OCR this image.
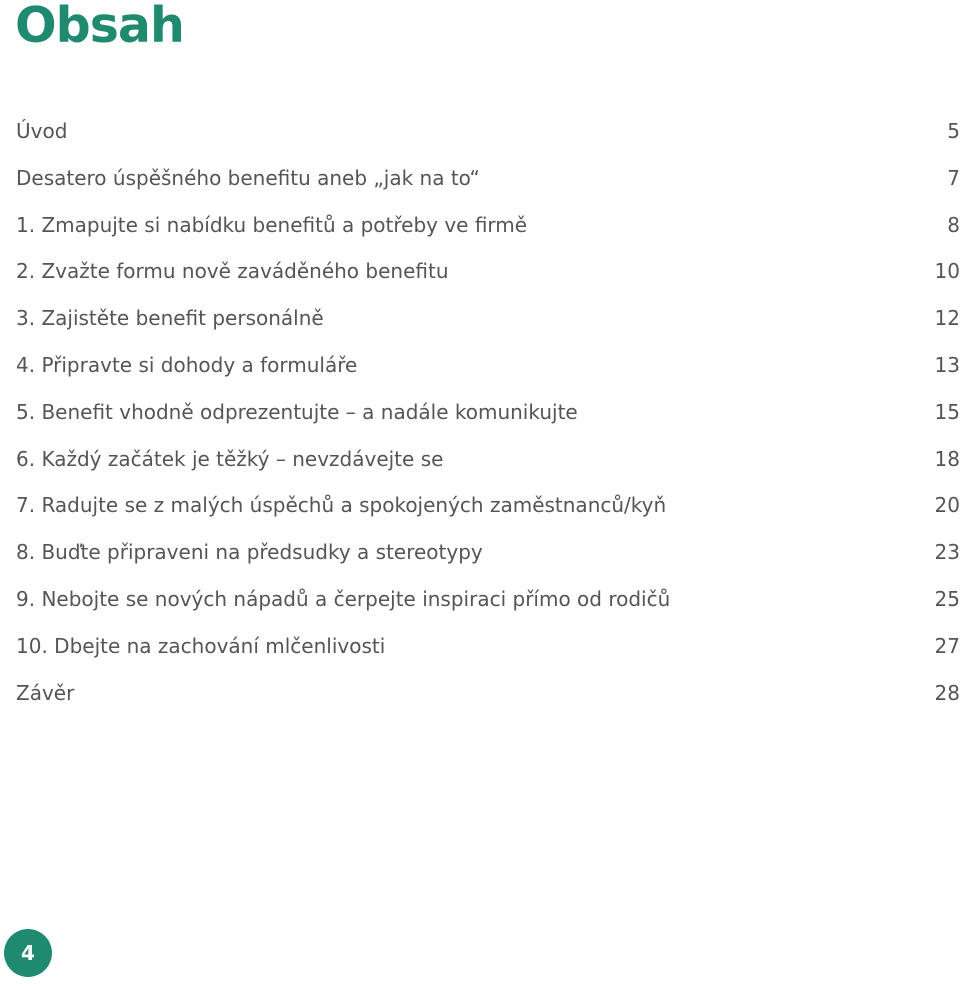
Obsah
Úvod	5
Desatero úspěšného benefitu aneb „jak na to“	7
1. Zmapujte si nabídku benefitů a potřeby ve firmě	8
2. Zvažte formu nově zaváděného benefitu	10
3. Zajistěte benefit personálně	12
4. Připravte si dohody a formuláře	13
5. Benefit vhodně odprezentujte – a nadále komunikujte	15
6. Každý začátek je těžký – nevzdávejte se	18
7. Radujte se z malých úspěchů a spokojených zaměstnanců/kyň	20
8. Buďte připraveni na předsudky a stereotypy	23
9. Nebojte se nových nápadů a čerpejte inspiraci přímo od rodičů	25
10. Dbejte na zachování mlčenlivosti	27
Závěr	28
4
